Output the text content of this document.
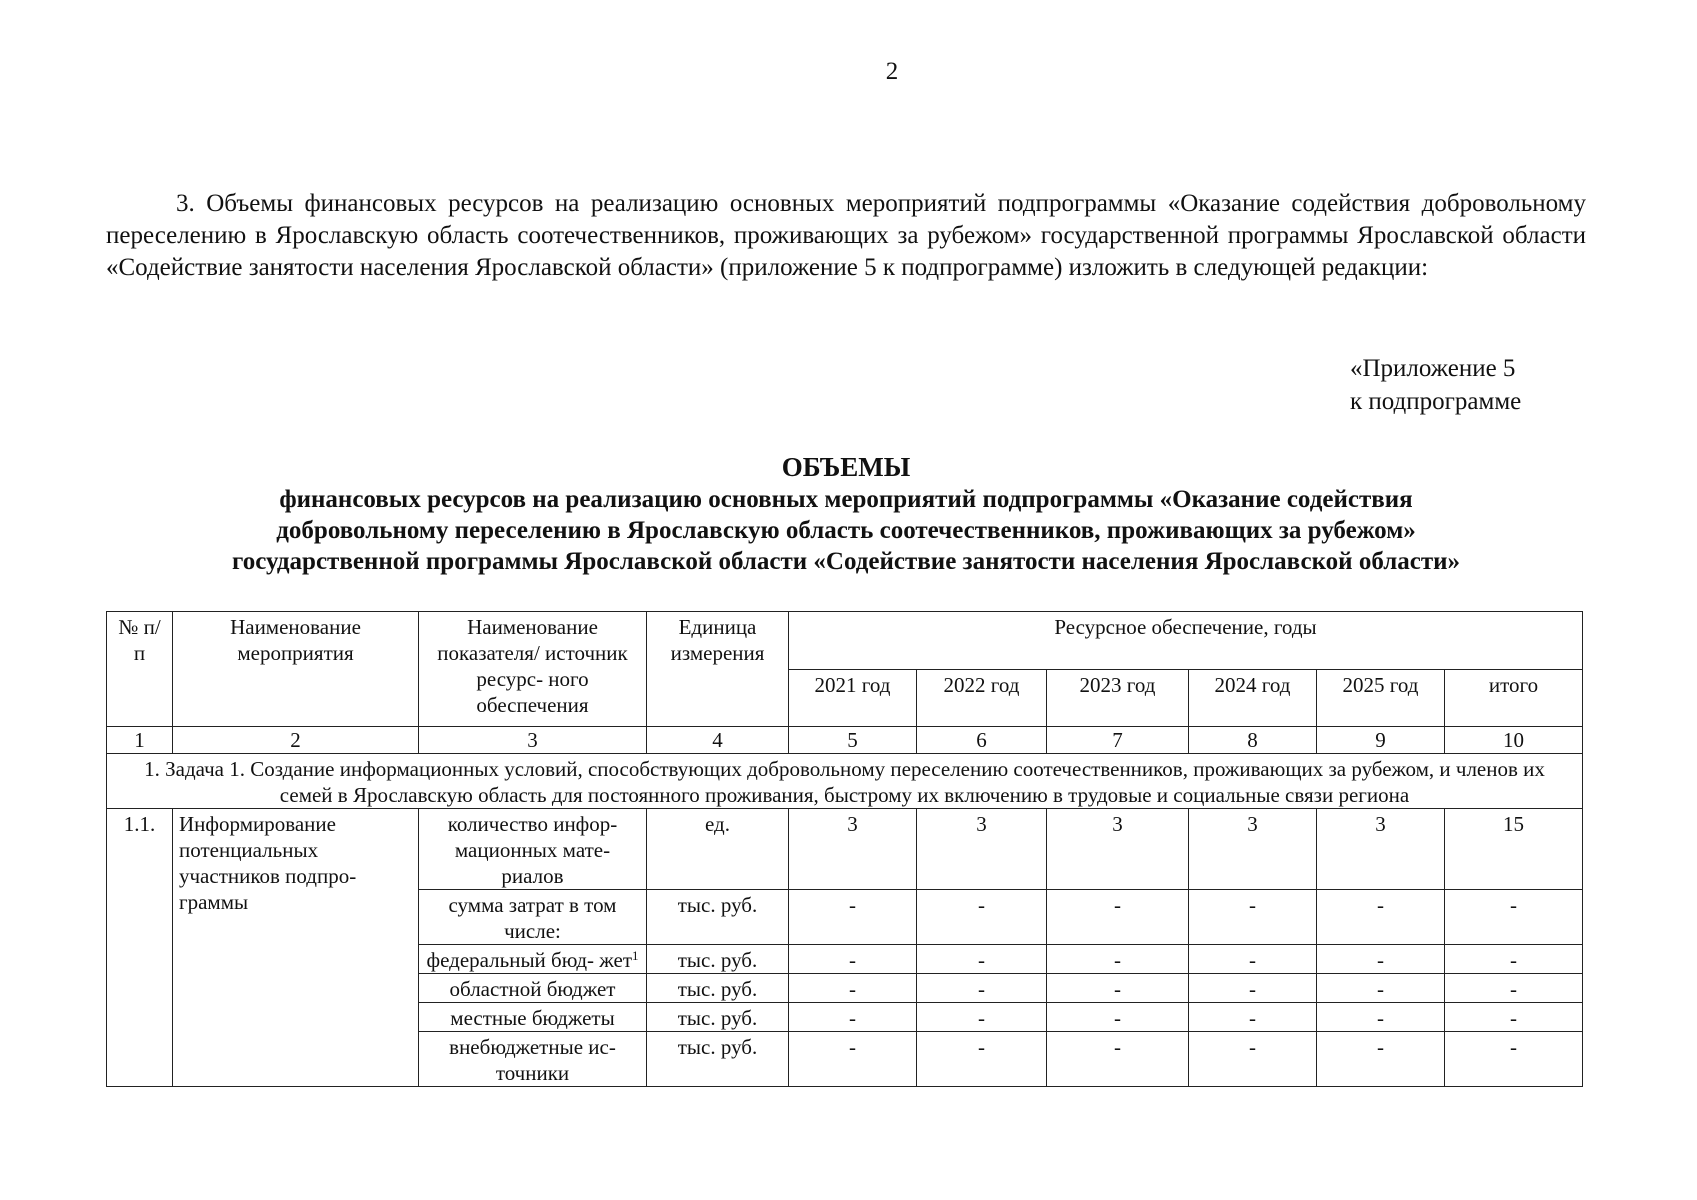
2

3. Объемы финансовых ресурсов на реализацию основных мероприятий подпрограммы «Оказание содействия добровольному переселению в Ярославскую область соотечественников, проживающих за рубежом» государственной программы Ярославской области «Содействие занятости населения Ярославской области» (приложение 5 к подпрограмме) изложить в следующей редакции:

«Приложение 5
к подпрограмме
ОБЪЕМЫ
финансовых ресурсов на реализацию основных мероприятий подпрограммы «Оказание содействия
добровольному переселению в Ярославскую область соотечественников, проживающих за рубежом»
государственной программы Ярославской области «Содействие занятости населения Ярославской области»
№ п/п	Наименование мероприятия	Наименование показателя/ источник ресурс- ного обеспечения	Единица измерения	Ресурсное обеспечение, годы					
				2021 год	2022 год	2023 год	2024 год	2025 год	итого
1	2	3	4	5	6	7	8	9	10
1. Задача 1. Создание информационных условий, способствующих добровольному переселению соотечественников, проживающих за рубежом, и членов их семей в Ярославскую область для постоянного проживания, быстрому их включению в трудовые и социальные связи региона									
1.1.	Информирование потенциальных участников подпро- граммы	количество инфор- мационных мате- риалов	ед.	3	3	3	3	3	15
		сумма затрат в том числе:	тыс. руб.	-	-	-	-	-	-
		федеральный бюд- жет$^1$	тыс. руб.	-	-	-	-	-	-
		областной бюджет	тыс. руб.	-	-	-	-	-	-
		местные бюджеты	тыс. руб.	-	-	-	-	-	-
		внебюджетные ис- точники	тыс. руб.	-	-	-	-	-	-
